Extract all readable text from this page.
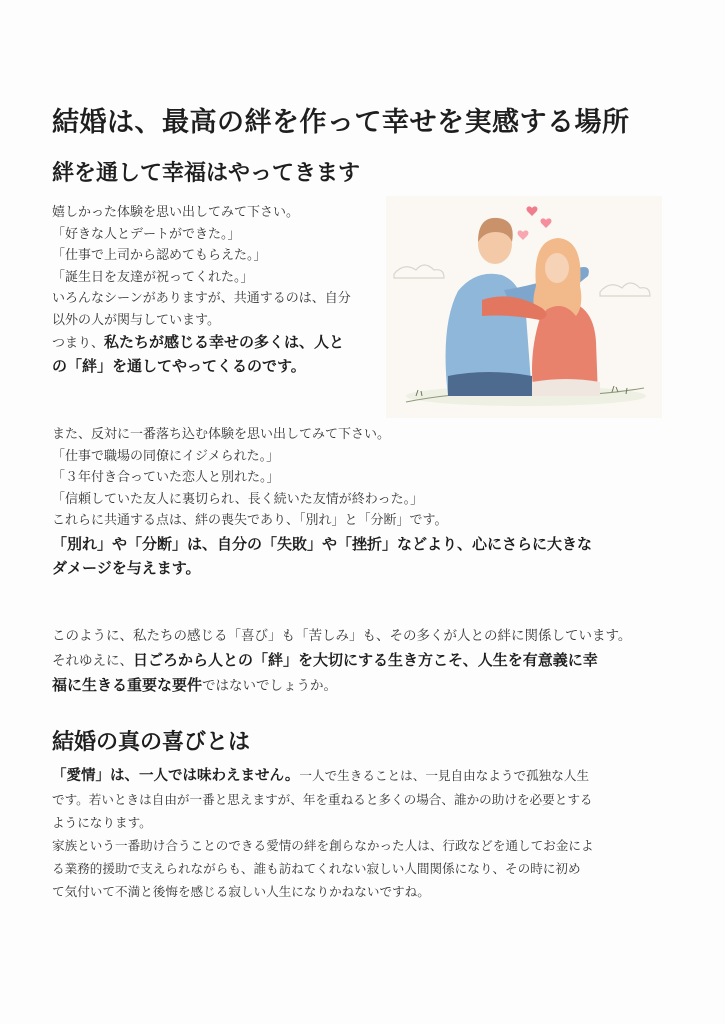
結婚は、最高の絆を作って幸せを実感する場所
絆を通して幸福はやってきます

嬉しかった体験を思い出してみて下さい。

「好きな人とデートができた。」

「仕事で上司から認めてもらえた。」

「誕生日を友達が祝ってくれた。」

いろんなシーンがありますが、共通するのは、自分

以外の人が関与しています。

つまり、私たちが感じる幸せの多くは、人と

の「絆」を通してやってくるのです。

また、反対に一番落ち込む体験を思い出してみて下さい。

「仕事で職場の同僚にイジメられた。」

「３年付き合っていた恋人と別れた。」

「信頼していた友人に裏切られ、長く続いた友情が終わった。」

これらに共通する点は、絆の喪失であり、「別れ」と「分断」です。

「別れ」や「分断」は、自分の「失敗」や「挫折」などより、心にさらに大きな

ダメージを与えます。

このように、私たちの感じる「喜び」も「苦しみ」も、その多くが人との絆に関係しています。

それゆえに、日ごろから人との「絆」を大切にする生き方こそ、人生を有意義に幸

福に生きる重要な要件ではないでしょうか。

結婚の真の喜びとは

「愛情」は、一人では味わえません。一人で生きることは、一見自由なようで孤独な人生

です。若いときは自由が一番と思えますが、年を重ねると多くの場合、誰かの助けを必要とする

ようになります。

家族という一番助け合うことのできる愛情の絆を創らなかった人は、行政などを通してお金によ

る業務的援助で支えられながらも、誰も訪ねてくれない寂しい人間関係になり、その時に初め

て気付いて不満と後悔を感じる寂しい人生になりかねないですね。
